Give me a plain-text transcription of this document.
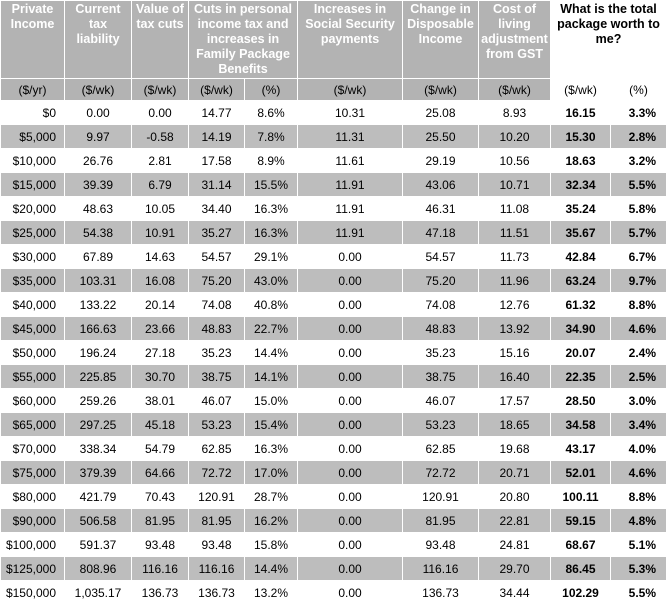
Private Income	Current tax liability	Value of tax cuts	Cuts in personal income tax and increases in Family Package Benefits		Increases in Social Security payments	Change in Disposable Income	Cost of living adjustment from GST	What is the total package worth to me?	
($/yr)	($/wk)	($/wk)	($/wk)	(%)	($/wk)	($/wk)	($/wk)	($/wk)	(%)
$0	0.00	0.00	14.77	8.6%	10.31	25.08	8.93	16.15	3.3%
$5,000	9.97	-0.58	14.19	7.8%	11.31	25.50	10.20	15.30	2.8%
$10,000	26.76	2.81	17.58	8.9%	11.61	29.19	10.56	18.63	3.2%
$15,000	39.39	6.79	31.14	15.5%	11.91	43.06	10.71	32.34	5.5%
$20,000	48.63	10.05	34.40	16.3%	11.91	46.31	11.08	35.24	5.8%
$25,000	54.38	10.91	35.27	16.3%	11.91	47.18	11.51	35.67	5.7%
$30,000	67.89	14.63	54.57	29.1%	0.00	54.57	11.73	42.84	6.7%
$35,000	103.31	16.08	75.20	43.0%	0.00	75.20	11.96	63.24	9.7%
$40,000	133.22	20.14	74.08	40.8%	0.00	74.08	12.76	61.32	8.8%
$45,000	166.63	23.66	48.83	22.7%	0.00	48.83	13.92	34.90	4.6%
$50,000	196.24	27.18	35.23	14.4%	0.00	35.23	15.16	20.07	2.4%
$55,000	225.85	30.70	38.75	14.1%	0.00	38.75	16.40	22.35	2.5%
$60,000	259.26	38.01	46.07	15.0%	0.00	46.07	17.57	28.50	3.0%
$65,000	297.25	45.18	53.23	15.4%	0.00	53.23	18.65	34.58	3.4%
$70,000	338.34	54.79	62.85	16.3%	0.00	62.85	19.68	43.17	4.0%
$75,000	379.39	64.66	72.72	17.0%	0.00	72.72	20.71	52.01	4.6%
$80,000	421.79	70.43	120.91	28.7%	0.00	120.91	20.80	100.11	8.8%
$90,000	506.58	81.95	81.95	16.2%	0.00	81.95	22.81	59.15	4.8%
$100,000	591.37	93.48	93.48	15.8%	0.00	93.48	24.81	68.67	5.1%
$125,000	808.96	116.16	116.16	14.4%	0.00	116.16	29.70	86.45	5.3%
$150,000	1,035.17	136.73	136.73	13.2%	0.00	136.73	34.44	102.29	5.5%
